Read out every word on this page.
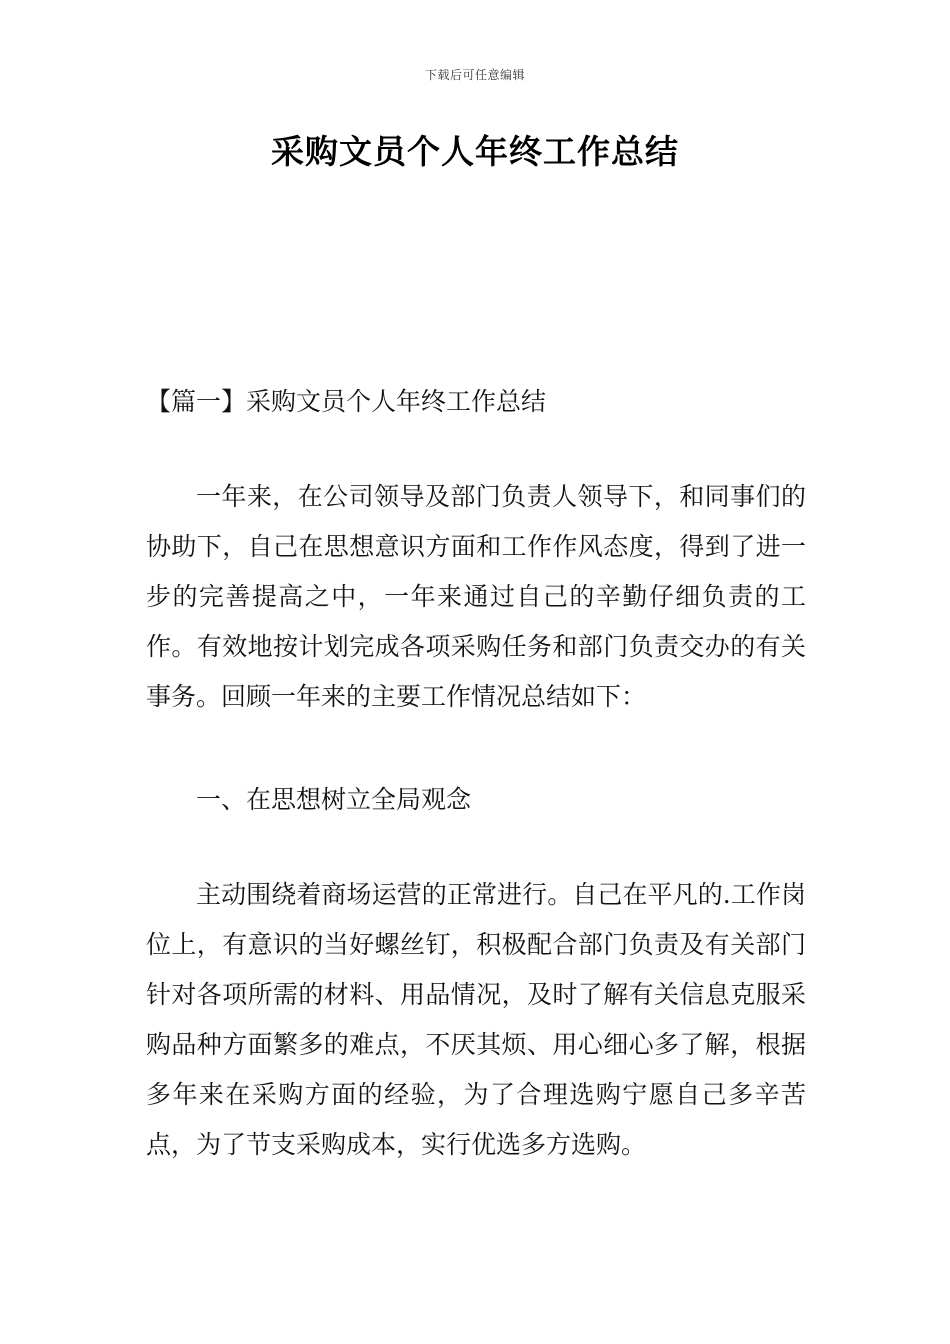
下载后可任意编辑
采购文员个人年终工作总结
【篇一】采购文员个人年终工作总结
一年来，在公司领导及部门负责人领导下，和同事们的协助下，自己在思想意识方面和工作作风态度，得到了进一步的完善提高之中，一年来通过自己的辛勤仔细负责的工作。有效地按计划完成各项采购任务和部门负责交办的有关事务。回顾一年来的主要工作情况总结如下：
一、在思想树立全局观念
主动围绕着商场运营的正常进行。自己在平凡的.工作岗位上，有意识的当好螺丝钉，积极配合部门负责及有关部门针对各项所需的材料、用品情况，及时了解有关信息克服采购品种方面繁多的难点，不厌其烦、用心细心多了解，根据多年来在采购方面的经验，为了合理选购宁愿自己多辛苦点，为了节支采购成本，实行优选多方选购。
